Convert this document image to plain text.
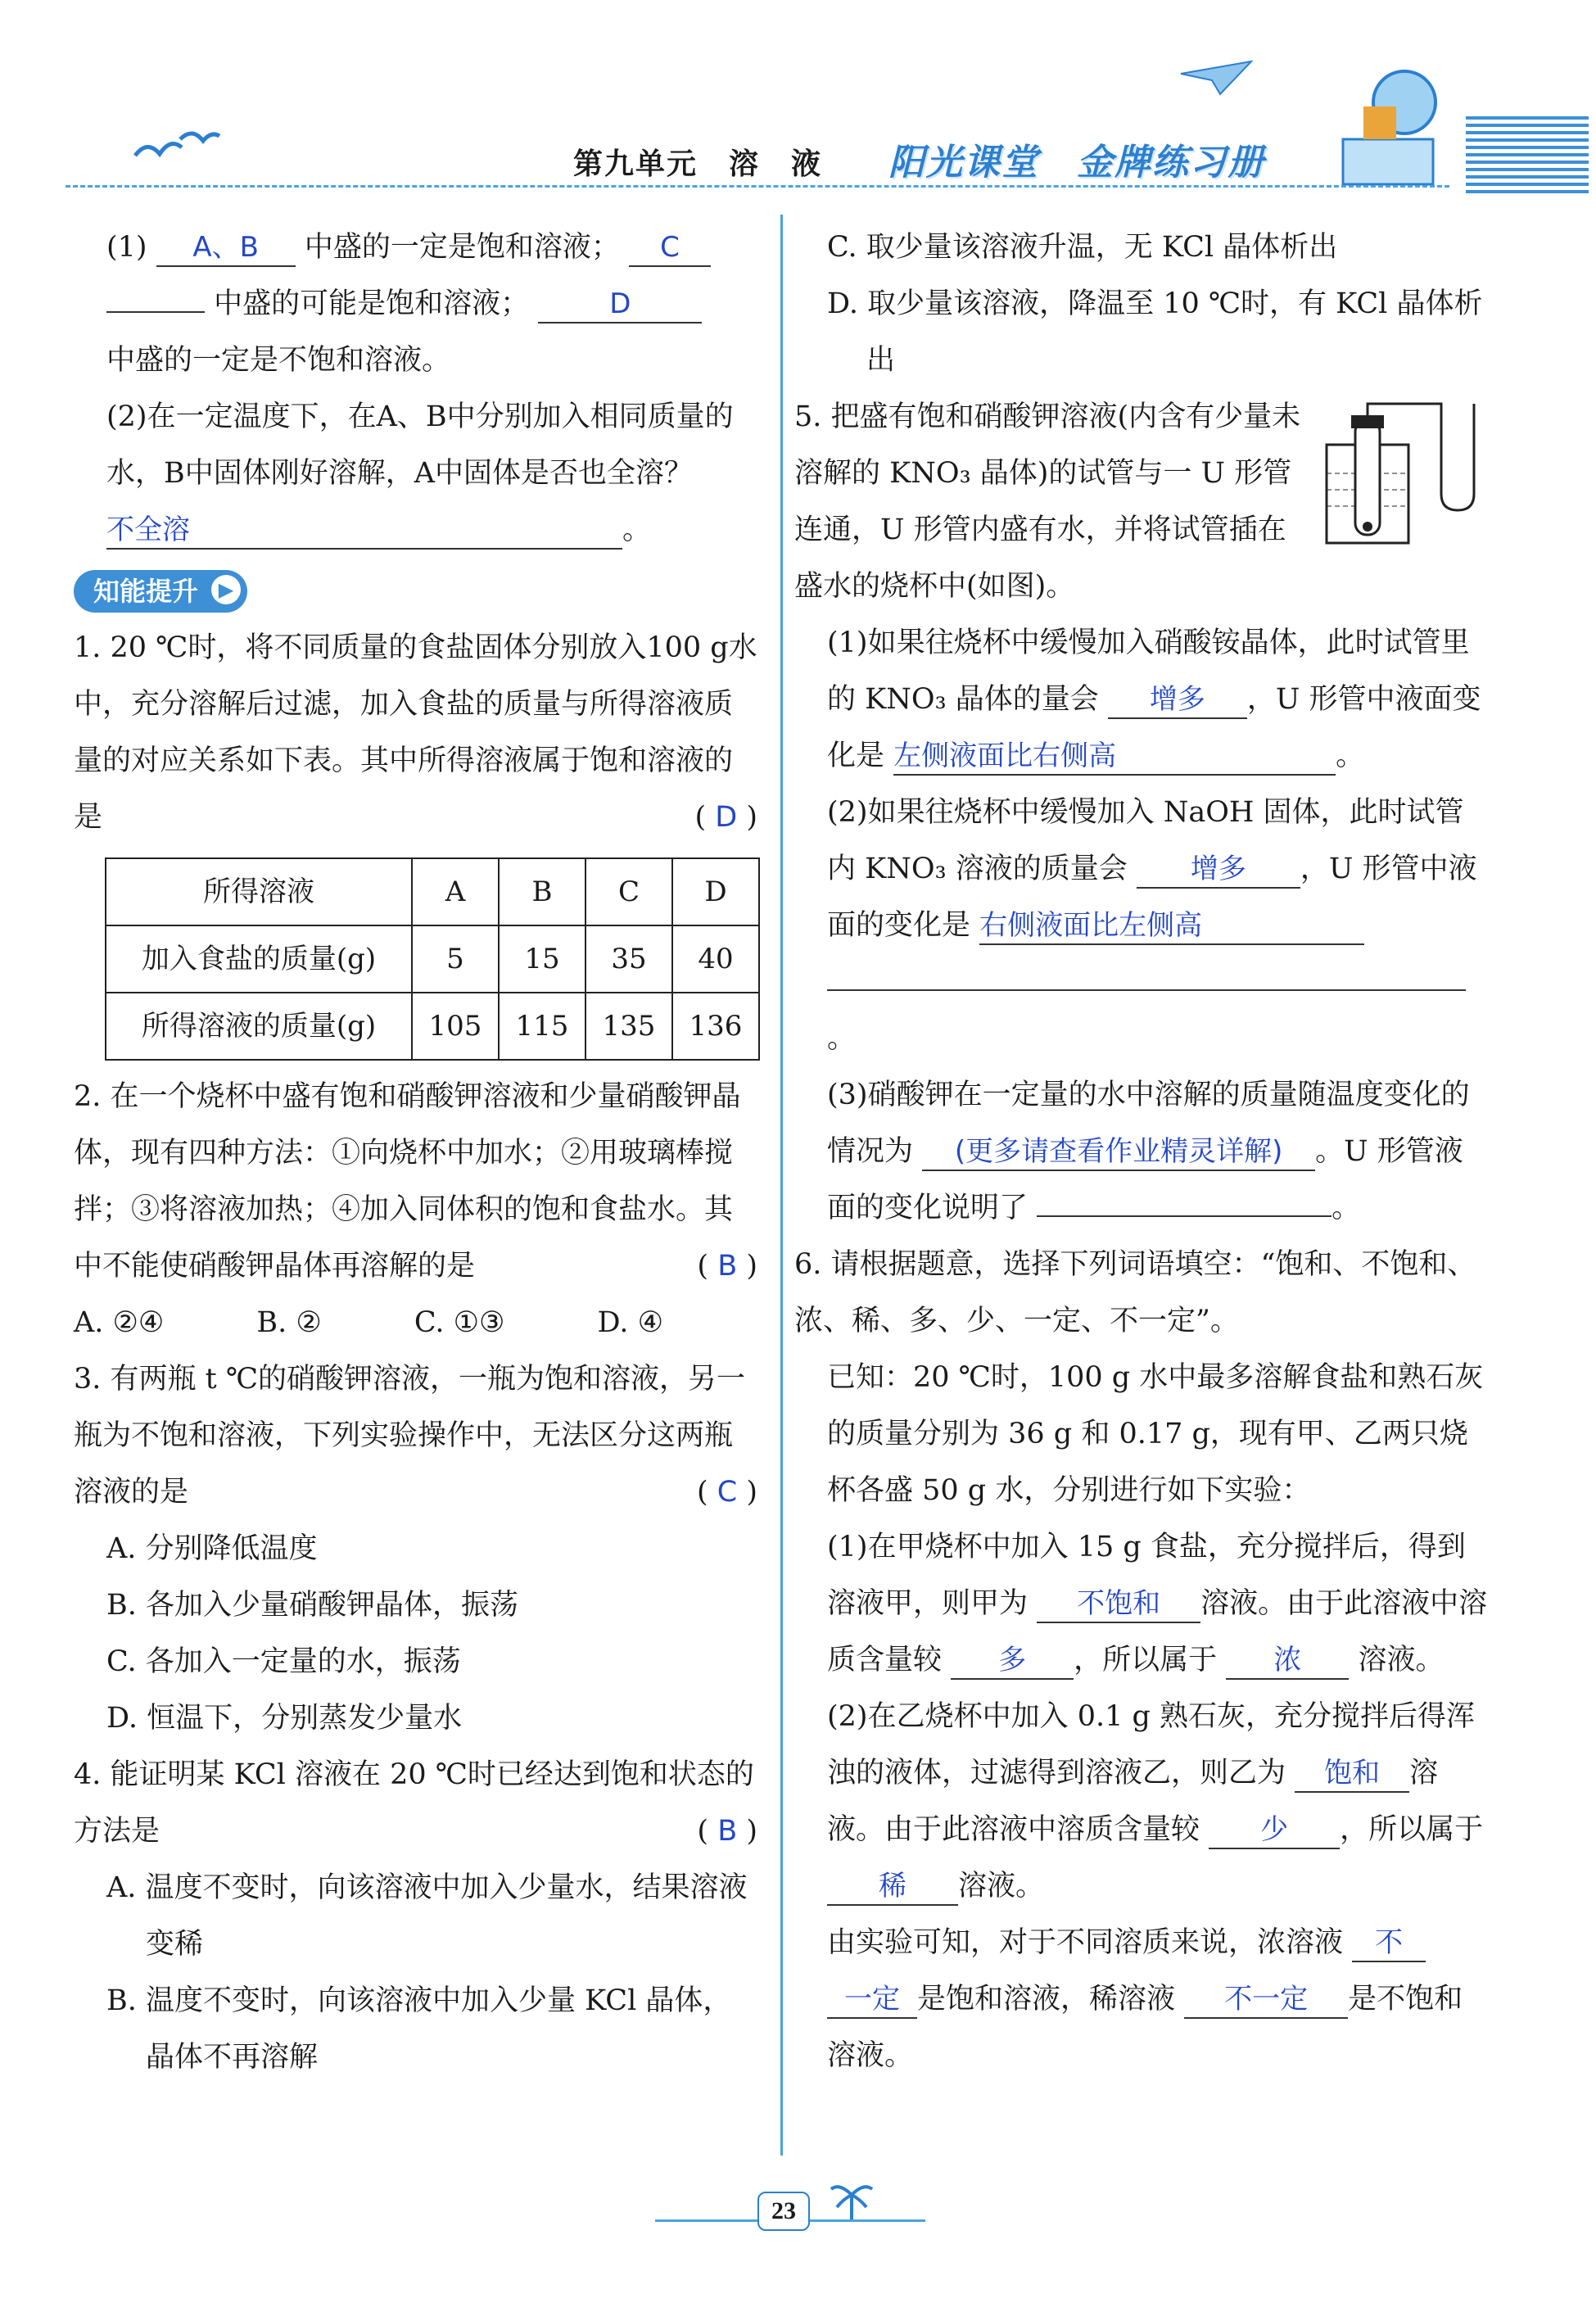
第九单元　溶　液 阳光课堂　金牌练习册

(1) A、B 中盛的一定是饱和溶液； C

中盛的可能是饱和溶液；	D

中盛的一定是不饱和溶液。

(2)在一定温度下，在A、B中分别加入相同质量的水，B中固体刚好溶解，A中固体是否也全溶？ 不全溶	。

知能提升	▶

1. 20 ℃时，将不同质量的食盐固体分别放入100 g水中，充分溶解后过滤，加入食盐的质量与所得溶液质量的对应关系如下表。其中所得溶液属于饱和溶液的是	( D )

所得溶液	A	B	C	D
加入食盐的质量(g)	5	15	35	40
所得溶液的质量(g)	105	115	135	136

2. 在一个烧杯中盛有饱和硝酸钾溶液和少量硝酸钾晶体，现有四种方法：①向烧杯中加水；②用玻璃棒搅拌；③将溶液加热；④加入同体积的饱和食盐水。其中不能使硝酸钾晶体再溶解的是	( B )

A. ②④	B. ②	C. ①③	D. ④

3. 有两瓶 t ℃的硝酸钾溶液，一瓶为饱和溶液，另一瓶为不饱和溶液，下列实验操作中，无法区分这两瓶溶液的是	( C )

A. 分别降低温度

B. 各加入少量硝酸钾晶体，振荡

C. 各加入一定量的水，振荡

D. 恒温下，分别蒸发少量水

4. 能证明某 KCl 溶液在 20 ℃时已经达到饱和状态的方法是	( B )

A. 温度不变时，向该溶液中加入少量水，结果溶液变稀

B. 温度不变时，向该溶液中加入少量 KCl 晶体，晶体不再溶解

C. 取少量该溶液升温，无 KCl 晶体析出

D. 取少量该溶液，降温至 10 ℃时，有 KCl 晶体析出

5. 把盛有饱和硝酸钾溶液(内含有少量未溶解的 KNO₃ 晶体)的试管与一 U 形管连通，U 形管内盛有水，并将试管插在盛水的烧杯中(如图)。

(1)如果往烧杯中缓慢加入硝酸铵晶体，此时试管里的 KNO₃ 晶体的量会 增多 ，U 形管中液面变化是 左侧液面比右侧高	。

(2)如果往烧杯中缓慢加入 NaOH 固体，此时试管内 KNO₃ 溶液的质量会 增多 ，U 形管中液面的变化是 右侧液面比左侧高 。

(3)硝酸钾在一定量的水中溶解的质量随温度变化的情况为 (更多请查看作业精灵详解) 。U 形管液面的变化说明了	。

6. 请根据题意，选择下列词语填空：“饱和、不饱和、浓、稀、多、少、一定、不一定”。

已知：20 ℃时，100 g 水中最多溶解食盐和熟石灰的质量分别为 36 g 和 0.17 g，现有甲、乙两只烧杯各盛 50 g 水，分别进行如下实验：

(1)在甲烧杯中加入 15 g 食盐，充分搅拌后，得到溶液甲，则甲为 不饱和 溶液。由于此溶液中溶质含量较 多 ，所以属于 浓 溶液。

(2)在乙烧杯中加入 0.1 g 熟石灰，充分搅拌后得浑浊的液体，过滤得到溶液乙，则乙为 饱和 溶液。由于此溶液中溶质含量较 少 ，所以属于 稀 溶液。

由实验可知，对于不同溶质来说，浓溶液 不 一定 是饱和溶液，稀溶液 不一定 是不饱和溶液。

23
